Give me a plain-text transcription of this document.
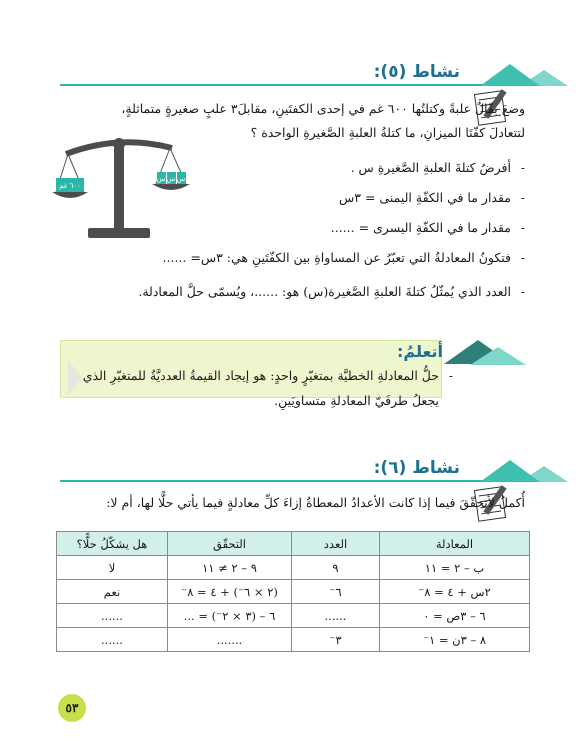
نشاط (٥):
وضعَ بقّالٌ علبةً وكتلتُها ٦٠٠ غم في إحدى الكفتَينِ، مقابلَ٣ علبٍ صغيرةٍ متماثلةٍ،
لتتعادلَ كفّتَا الميزانِ، ما كتلةُ العلبةِ الصَّغيرةِ الواحدة ؟
٦٠٠ غم
س س س
- أفرضُ كتلةَ العلبةِ الصَّغيرةِ س .
- مقدار ما في الكفّةِ اليمنى = ٣س
- مقدار ما في الكفّةِ اليسرى = ......
- فتكونُ المعادلةُ التي تعبّرُ عن المساواةِ بين الكفّتَينِ هي: ٣س= ......
- العدد الذي يُمثّلُ كتلةَ العلبةِ الصَّغيرة(س) هو: ......، ويُسمّى حلَّ المعادلة.
أتعلمُ:
- حلُّ المعادلةِ الخطيَّة بمتغيّرٍ واحدٍ: هو إيجاد القيمةُ العدديَّةُ للمتغيّرِ الذي
يجعلُ طرفَيّ المعادلةِ متساويَينِ.
نشاط (٦):
أُكملُ لأتحقّقَ فيما إذا كانت الأعدادُ المعطاةُ إزاءَ كلِّ معادلةٍ فيما يأتي حلًّا لها، أم لا:
المعادلة	العدد	التحقّق	هل يشكّلُ حلًّا؟
ب – ٢ = ١١	٩	٩ – ٢ ≠ ١١	لا
٢س + ٤ = ٨⁻	٦⁻	(٢ × ٦⁻) + ٤ = ٨⁻	نعم
٦ – ٣ص = ٠	......	٦ – (٣ × ٢⁻) = ...	......
٨ – ٣ن = ١⁻	٣⁻	.......	......
٥٣
